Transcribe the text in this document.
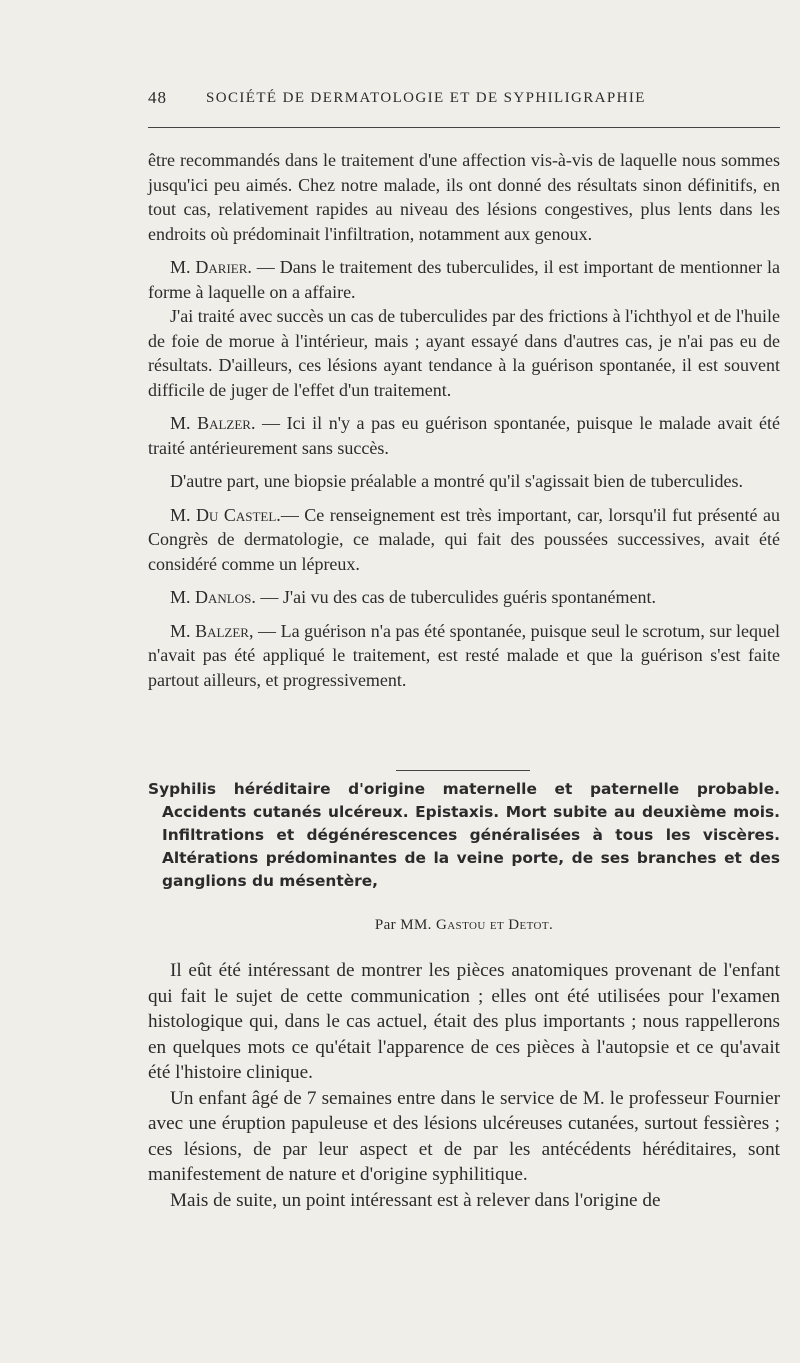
48	SOCIÉTÉ DE DERMATOLOGIE ET DE SYPHILIGRAPHIE

être recommandés dans le traitement d'une affection vis-à-vis de laquelle nous sommes jusqu'ici peu aimés. Chez notre malade, ils ont donné des résultats sinon définitifs, en tout cas, relativement rapides au niveau des lésions congestives, plus lents dans les endroits où prédominait l'infiltration, notamment aux genoux.

M. Darier. — Dans le traitement des tuberculides, il est important de mentionner la forme à laquelle on a affaire.

J'ai traité avec succès un cas de tuberculides par des frictions à l'ichthyol et de l'huile de foie de morue à l'intérieur, mais ; ayant essayé dans d'autres cas, je n'ai pas eu de résultats. D'ailleurs, ces lésions ayant tendance à la guérison spontanée, il est souvent difficile de juger de l'effet d'un traitement.

M. Balzer. — Ici il n'y a pas eu guérison spontanée, puisque le malade avait été traité antérieurement sans succès.

D'autre part, une biopsie préalable a montré qu'il s'agissait bien de tuberculides.

M. Du Castel.— Ce renseignement est très important, car, lorsqu'il fut présenté au Congrès de dermatologie, ce malade, qui fait des poussées successives, avait été considéré comme un lépreux.

M. Danlos. — J'ai vu des cas de tuberculides guéris spontanément.

M. Balzer, — La guérison n'a pas été spontanée, puisque seul le scrotum, sur lequel n'avait pas été appliqué le traitement, est resté malade et que la guérison s'est faite partout ailleurs, et progressivement.

Syphilis héréditaire d'origine maternelle et paternelle probable. Accidents cutanés ulcéreux. Epistaxis. Mort subite au deuxième mois. Infiltrations et dégénérescences généralisées à tous les viscères. Altérations prédominantes de la veine porte, de ses branches et des ganglions du mésentère,
Par MM. Gastou et Detot.

Il eût été intéressant de montrer les pièces anatomiques provenant de l'enfant qui fait le sujet de cette communication ; elles ont été utilisées pour l'examen histologique qui, dans le cas actuel, était des plus importants ; nous rappellerons en quelques mots ce qu'était l'apparence de ces pièces à l'autopsie et ce qu'avait été l'histoire clinique.

Un enfant âgé de 7 semaines entre dans le service de M. le professeur Fournier avec une éruption papuleuse et des lésions ulcéreuses cutanées, surtout fessières ; ces lésions, de par leur aspect et de par les antécédents héréditaires, sont manifestement de nature et d'origine syphilitique.

Mais de suite, un point intéressant est à relever dans l'origine de
